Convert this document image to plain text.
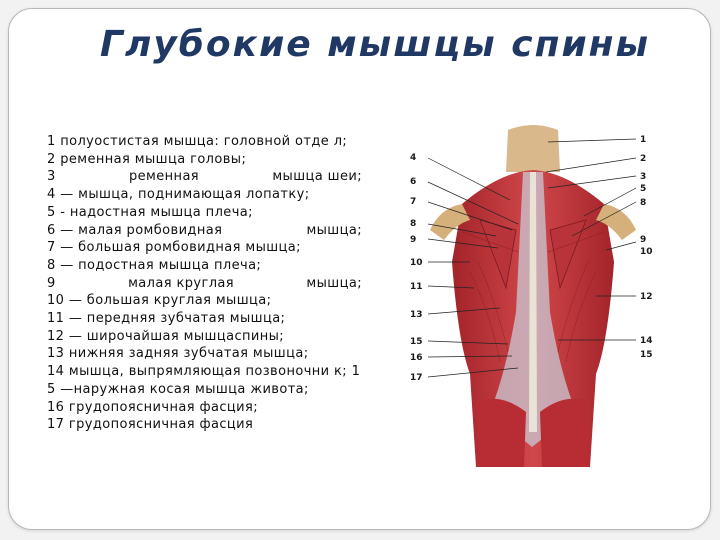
Глубокие мышцы спины
1 полуостистая мышца: головной отде л;
2 ременная мышца головы;
3	ременная	мышца шеи;
4 — мышца, поднимающая лопатку;
5 - надостная мышца плеча;
6 — малая ромбовидная	мышца;
7 — большая ромбовидная мышца;
8 — подостная мышца плеча;
9	малая круглая	мышца;
10 — большая круглая мышца;
11 — передняя зубчатая мышца;
12 — широчайшая мышцаспины;
13 нижняя задняя зубчатая мышца;
14 мышца, выпрямляющая позвоночни к; 15 —наружная косая мышца живота;
16 грудопоясничная фасция;
17 грудопоясничная фасция
4
6
7
8
9
10
11
13
15
16
17
1
2
3
5
8
9
10
12
14
15
